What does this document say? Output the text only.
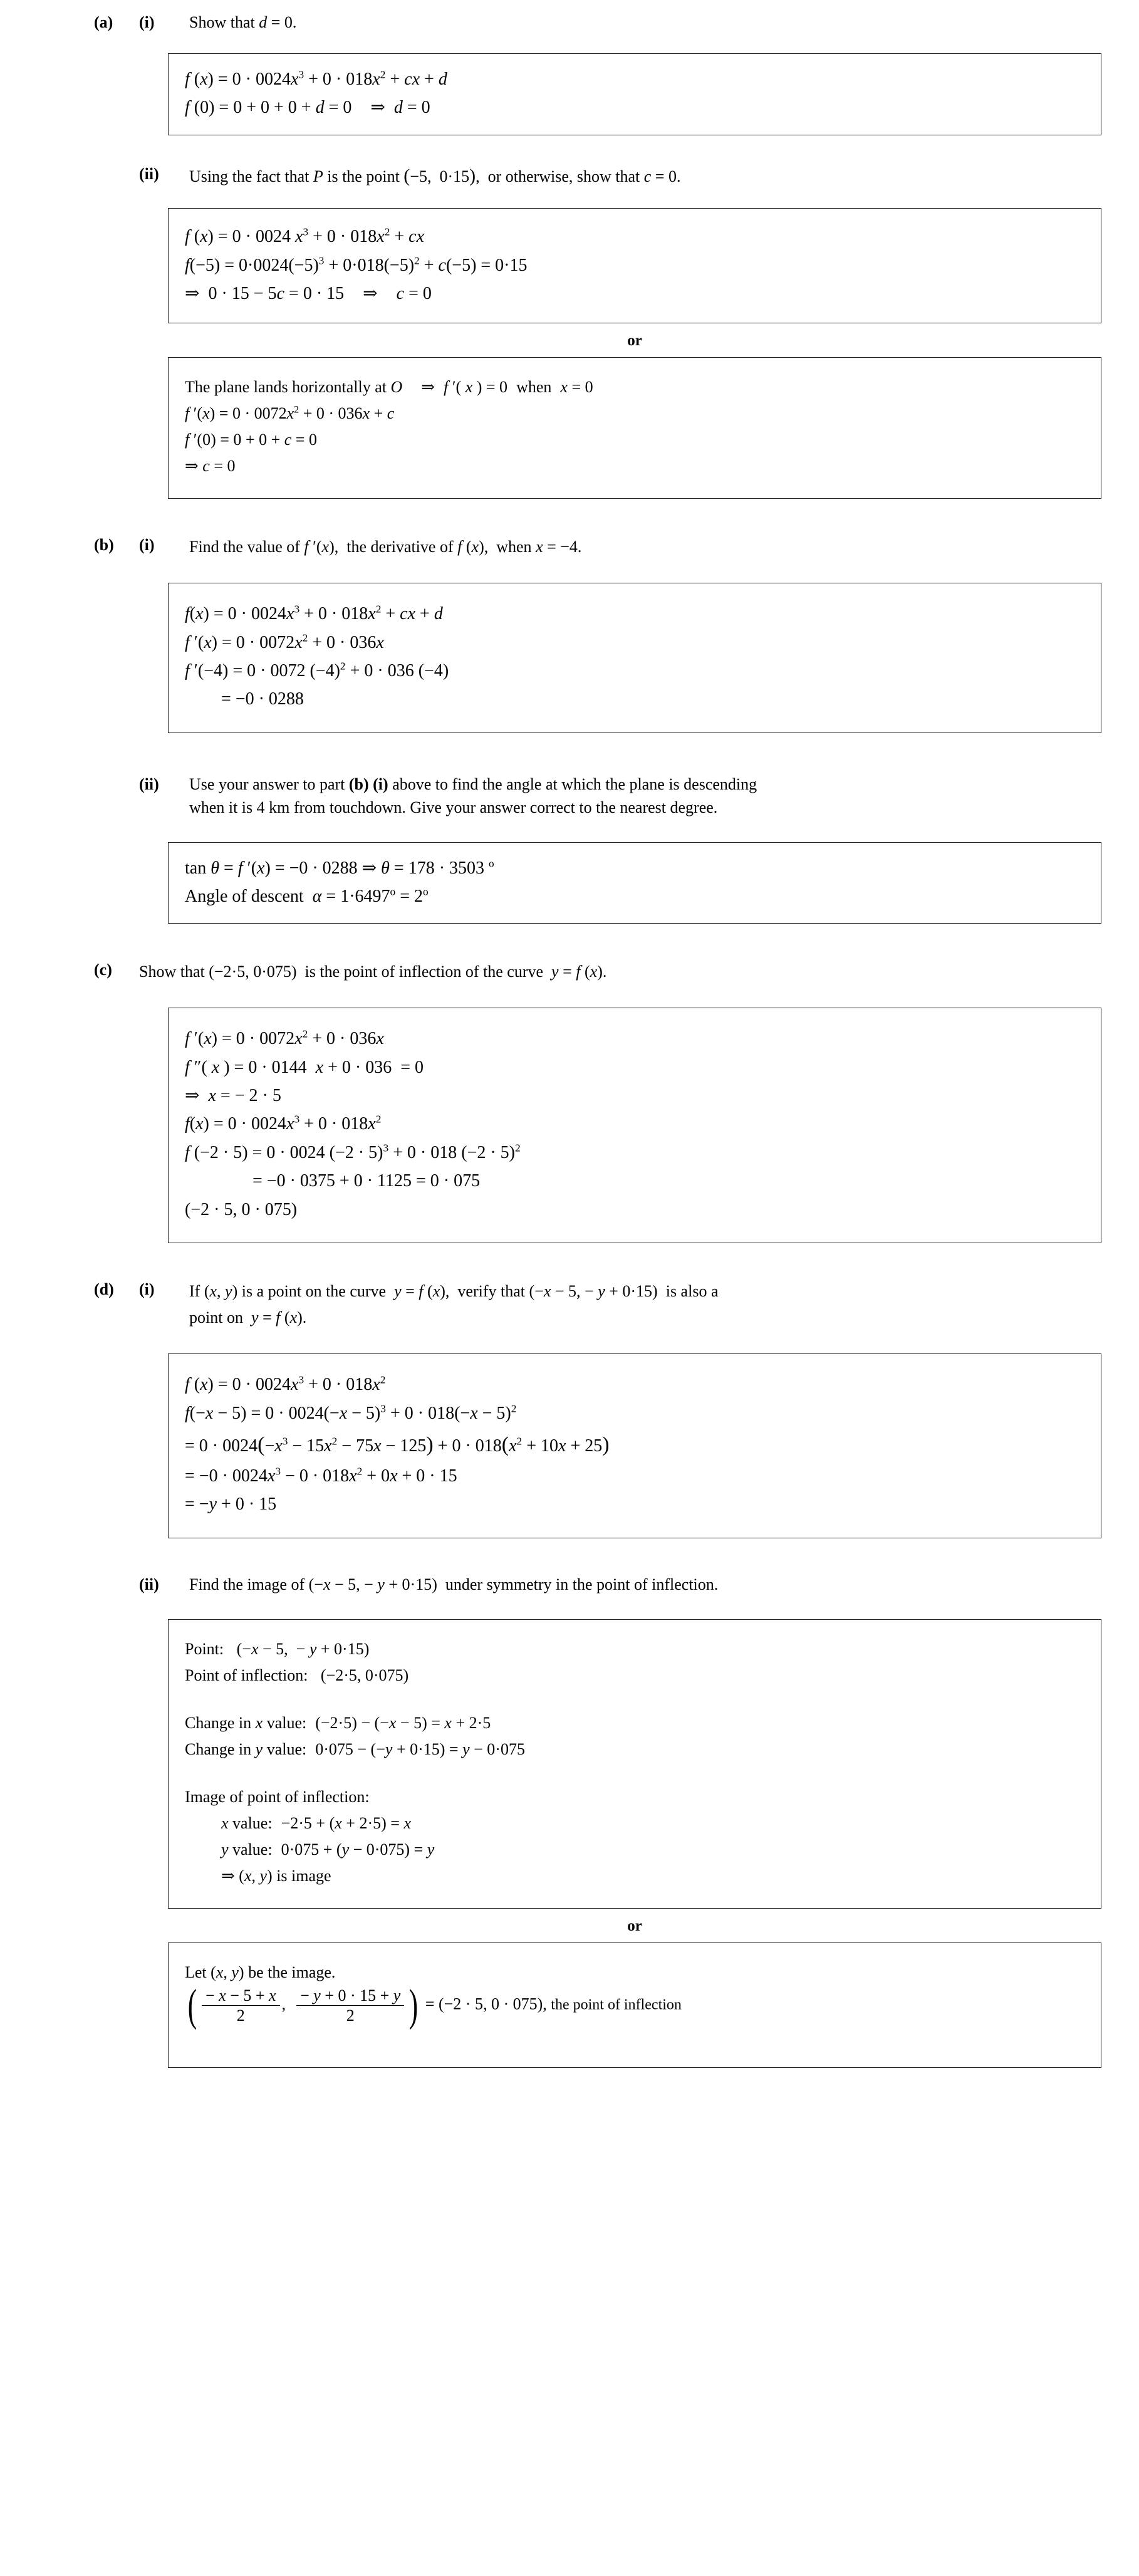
(a)	(i)	Show that d = 0.
f $(x) = 0 \cdot 0024x^3 + 0 \cdot 018x^2$ + cx + d
f (0) = 0 + 0 + 0 + d = 0 ⇒ d = 0
(ii)	Using the fact that P is the point (−5,  0·15),  or otherwise, show that c = 0.
f (x) = 0 · 0024 $x^3 + 0 \cdot 018x^2$ + cx
$f(-5) = 0\cdot 0024(-5)^3 + 0\cdot 018(-5)^2 + c(-5) = 0\cdot 15$
⇒ 0 · 15 − 5c = 0 · 15 ⇒ c = 0
or
The plane lands horizontally at O ⇒ f ′( x ) = 0 when x = 0
f $'(x) = 0 \cdot 0072x^2 + 0 \cdot 036x + c$
f ′(0) = 0 + 0 + c = 0
⇒ c = 0
(b)	(i)	Find the value of f ′(x),  the derivative of f (x),  when x = −4.
$f(x) = 0 \cdot 0024x^3 + 0 \cdot 018x^2$ + cx + d
f $'(x) = 0 \cdot 0072x^2 + 0 \cdot 036x$
f ′(−4) = 0 · 0072 $(-4)^2 + 0 \cdot 036$ (−4)
= −0 · 0288
(ii)	Use your answer to part (b) (i) above to find the angle at which the plane is descending
when it is 4 km from touchdown. Give your answer correct to the nearest degree.
tan θ = f ′(x) = −0 · 0288 ⇒ θ = 178 · 3503 $^o$
Angle of descent $\alpha = 1\cdot 6497^o = 2^o$
(c)	Show that (−2·5, 0·075)  is the point of inflection of the curve  y = f (x).
f $'(x) = 0 \cdot 0072x^2 + 0 \cdot 036x$
f ″( x ) = 0 · 0144 x + 0 · 036 = 0
⇒ x = − 2 · 5
$f(x) = 0 \cdot 0024x^3 + 0 \cdot 018x^2$
f (−2 · 5) = 0 · 0024 $(-2 \cdot 5)^3 + 0 \cdot 018$ $(-2 \cdot 5)^2$
= −0 · 0375 + 0 · 1125 = 0 · 075
(−2 · 5, 0 · 075)
(d)	(i)	If (x, y) is a point on the curve  y = f (x),  verify that (−x − 5, − y + 0·15)  is also a
point on  y = f (x).
f $(x) = 0 \cdot 0024x^3 + 0 \cdot 018x^2$
$f(-x - 5) = 0 \cdot 0024(-x - 5)^3 + 0 \cdot 018(-x - 5)^2$
= $0 \cdot 0024(-x^3 - 15x^2 - 75x - 125) + 0 \cdot 018(x^2 + 10x + 25)$
= $-0 \cdot 0024x^3 - 0 \cdot 018x^2 + 0x + 0 \cdot 15$
= −y + 0 · 15
(ii)	Find the image of (−x − 5, − y + 0·15)  under symmetry in the point of inflection.
Point: (−x − 5,  − y + 0·15)
Point of inflection: (−2·5, 0·075)
Change in x value: (−2·5) − (−x − 5) = x + 2·5
Change in y value: 0·075 − (−y + 0·15) = y − 0·075
Image of point of inflection:
x value: −2·5 + (x + 2·5) = x
y value: 0·075 + (y − 0·075) = y
⇒ (x, y) is image
or
Let (x, y) be the image.
( $\frac{- x - 5 + x}{2}$ , $\frac{- y + 0 \cdot 15 + y}{2}$ ) = (−2 · 5, 0 · 075), the point of inflection
